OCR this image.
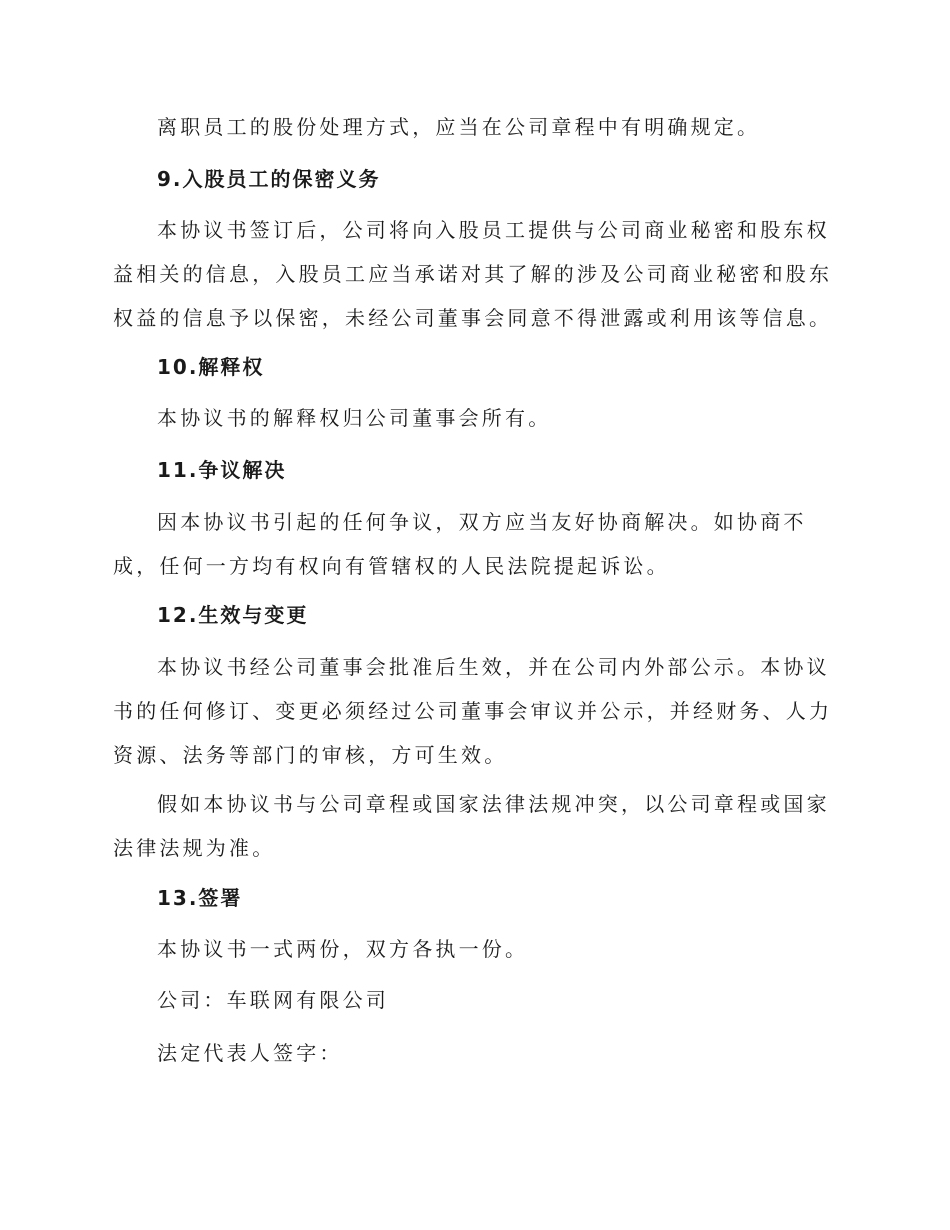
离职员工的股份处理方式，应当在公司章程中有明确规定。

9.入股员工的保密义务

本协议书签订后，公司将向入股员工提供与公司商业秘密和股东权益相关的信息，入股员工应当承诺对其了解的涉及公司商业秘密和股东权益的信息予以保密，未经公司董事会同意不得泄露或利用该等信息。

10.解释权

本协议书的解释权归公司董事会所有。

11.争议解决

因本协议书引起的任何争议，双方应当友好协商解决。如协商不成，任何一方均有权向有管辖权的人民法院提起诉讼。

12.生效与变更

本协议书经公司董事会批准后生效，并在公司内外部公示。本协议书的任何修订、变更必须经过公司董事会审议并公示，并经财务、人力资源、法务等部门的审核，方可生效。

假如本协议书与公司章程或国家法律法规冲突，以公司章程或国家法律法规为准。

13.签署

本协议书一式两份，双方各执一份。

公司：车联网有限公司

法定代表人签字：
